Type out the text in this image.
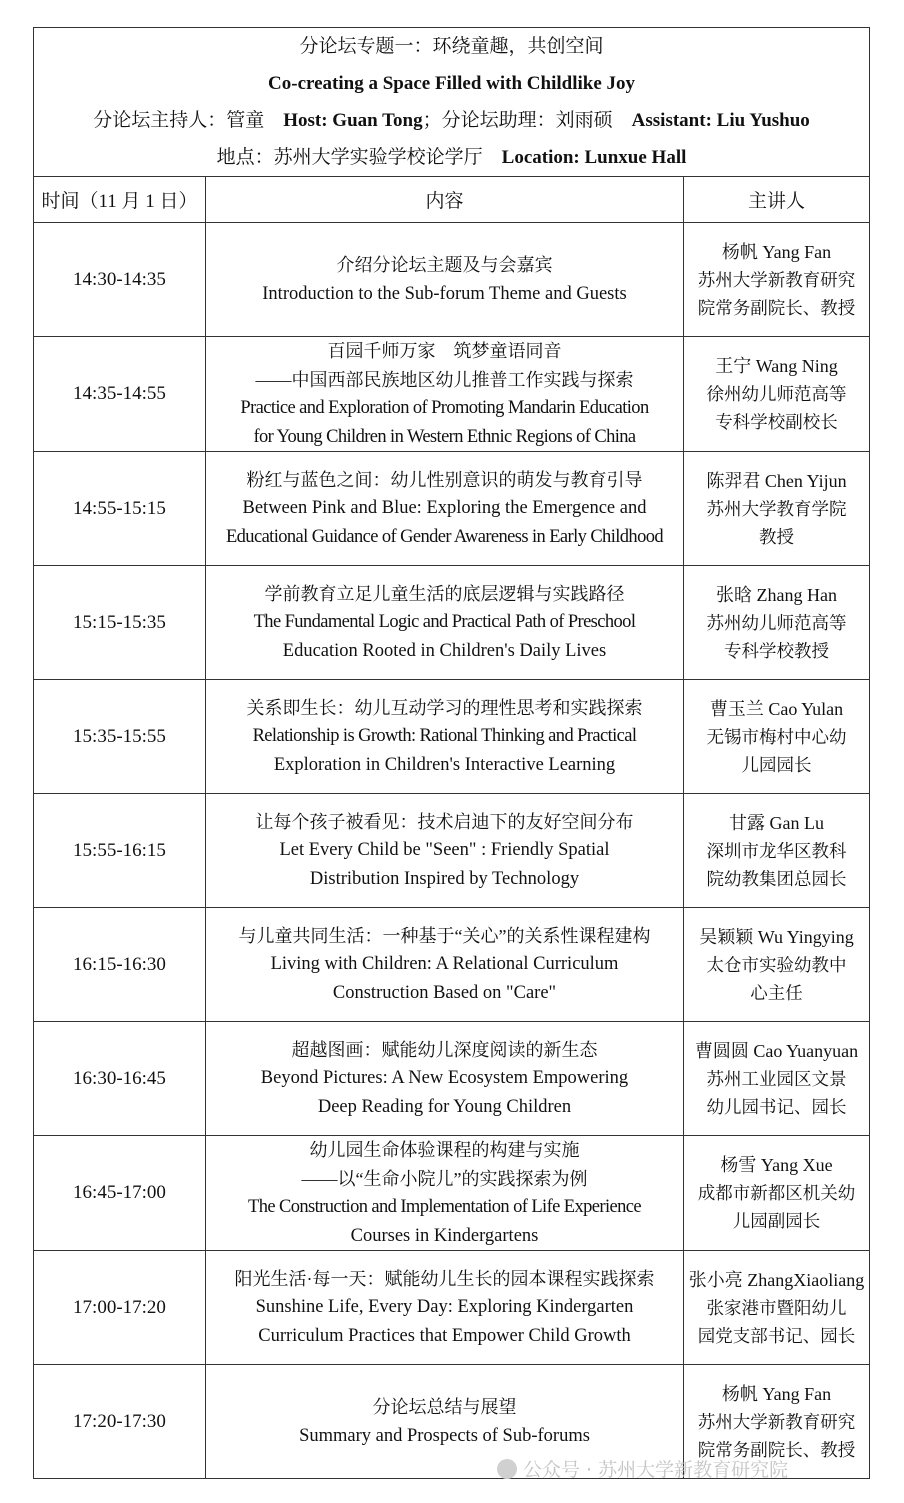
分论坛专题一：环绕童趣，共创空间
Co-creating a Space Filled with Childlike Joy
分论坛主持人：管童　 Host: Guan Tong；分论坛助理：刘雨硕　 Assistant: Liu Yushuo
地点：苏州大学实验学校论学厅　 Location: Lunxue Hall		

时间（11 月 1 日）	内容	主讲人
14:30-14:35	介绍分论坛主题及与会嘉宾
Introduction to the Sub-forum Theme and Guests	杨帆 Yang Fan
苏州大学新教育研究
院常务副院长、教授

14:35-14:55	百园千师万家　筑梦童语同音
——中国西部民族地区幼儿推普工作实践与探索
Practice and Exploration of Promoting Mandarin Education
for Young Children in Western Ethnic Regions of China	王宁 Wang Ning
徐州幼儿师范高等
专科学校副校长

14:55-15:15	粉红与蓝色之间：幼儿性别意识的萌发与教育引导
Between Pink and Blue: Exploring the Emergence and
Educational Guidance of Gender Awareness in Early Childhood	陈羿君 Chen Yijun
苏州大学教育学院
教授

15:15-15:35	学前教育立足儿童生活的底层逻辑与实践路径
The Fundamental Logic and Practical Path of Preschool
Education Rooted in Children's Daily Lives	张晗 Zhang Han
苏州幼儿师范高等
专科学校教授

15:35-15:55	关系即生长：幼儿互动学习的理性思考和实践探索
Relationship is Growth: Rational Thinking and Practical
Exploration in Children's Interactive Learning	曹玉兰 Cao Yulan
无锡市梅村中心幼
儿园园长

15:55-16:15	让每个孩子被看见：技术启迪下的友好空间分布
Let Every Child be "Seen" : Friendly Spatial
Distribution Inspired by Technology	甘露 Gan Lu
深圳市龙华区教科
院幼教集团总园长

16:15-16:30	与儿童共同生活：一种基于“关心”的关系性课程建构
Living with Children: A Relational Curriculum
Construction Based on "Care"	吴颖颖 Wu Yingying
太仓市实验幼教中
心主任

16:30-16:45	超越图画：赋能幼儿深度阅读的新生态
Beyond Pictures: A New Ecosystem Empowering
Deep Reading for Young Children	曹圆圆 Cao Yuanyuan
苏州工业园区文景
幼儿园书记、园长

16:45-17:00	幼儿园生命体验课程的构建与实施
——以“生命小院儿”的实践探索为例
The Construction and Implementation of Life Experience
Courses in Kindergartens	杨雪 Yang Xue
成都市新都区机关幼
儿园副园长

17:00-17:20	阳光生活·每一天：赋能幼儿生长的园本课程实践探索
Sunshine Life, Every Day: Exploring Kindergarten
Curriculum Practices that Empower Child Growth	张小亮 ZhangXiaoliang
张家港市暨阳幼儿
园党支部书记、园长

17:20-17:30	分论坛总结与展望
Summary and Prospects of Sub-forums	杨帆 Yang Fan
苏州大学新教育研究
院常务副院长、教授
公众号 · 苏州大学新教育研究院
